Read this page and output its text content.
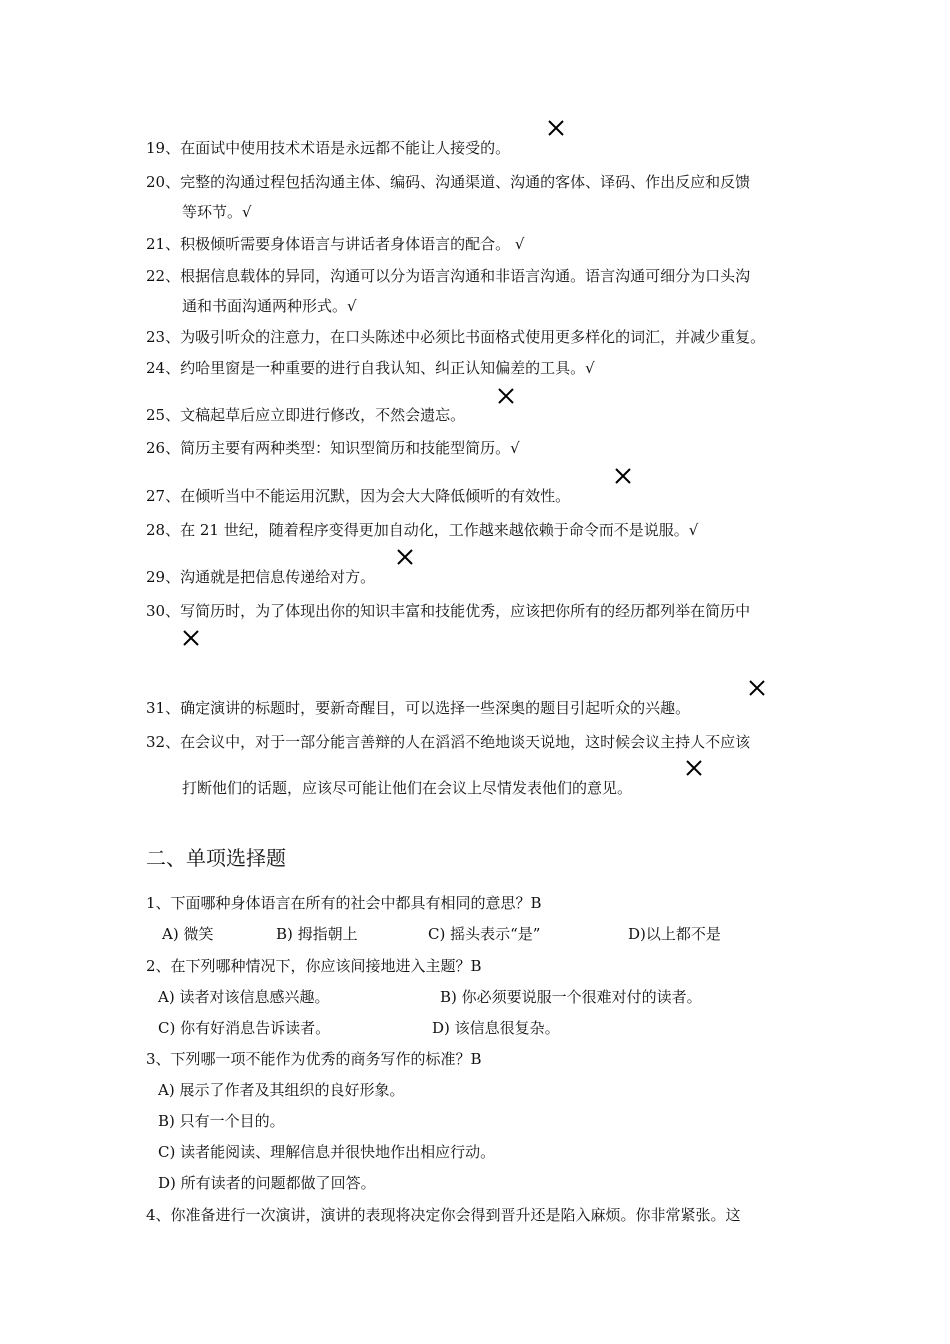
19、在面试中使用技术术语是永远都不能让人接受的。
20、完整的沟通过程包括沟通主体、编码、沟通渠道、沟通的客体、译码、作出反应和反馈
等环节。√
21、积极倾听需要身体语言与讲话者身体语言的配合。 √
22、根据信息载体的异同，沟通可以分为语言沟通和非语言沟通。语言沟通可细分为口头沟
通和书面沟通两种形式。√
23、为吸引听众的注意力，在口头陈述中必须比书面格式使用更多样化的词汇，并减少重复。
24、约哈里窗是一种重要的进行自我认知、纠正认知偏差的工具。√
25、文稿起草后应立即进行修改，不然会遗忘。
26、简历主要有两种类型：知识型简历和技能型简历。√
27、在倾听当中不能运用沉默，因为会大大降低倾听的有效性。
28、在 21 世纪，随着程序变得更加自动化，工作越来越依赖于命令而不是说服。√
29、沟通就是把信息传递给对方。
30、写简历时，为了体现出你的知识丰富和技能优秀，应该把你所有的经历都列举在简历中
31、确定演讲的标题时，要新奇醒目，可以选择一些深奥的题目引起听众的兴趣。
32、在会议中，对于一部分能言善辩的人在滔滔不绝地谈天说地，这时候会议主持人不应该
打断他们的话题，应该尽可能让他们在会议上尽情发表他们的意见。
二、单项选择题
1、下面哪种身体语言在所有的社会中都具有相同的意思？B
A) 微笑	B) 拇指朝上	C) 摇头表示“是”	D)以上都不是
2、在下列哪种情况下，你应该间接地进入主题？B
A) 读者对该信息感兴趣。	B) 你必须要说服一个很难对付的读者。
C) 你有好消息告诉读者。	D) 该信息很复杂。
3、下列哪一项不能作为优秀的商务写作的标准？B
A) 展示了作者及其组织的良好形象。
B) 只有一个目的。
C) 读者能阅读、理解信息并很快地作出相应行动。
D) 所有读者的问题都做了回答。
4、你准备进行一次演讲，演讲的表现将决定你会得到晋升还是陷入麻烦。你非常紧张。这
